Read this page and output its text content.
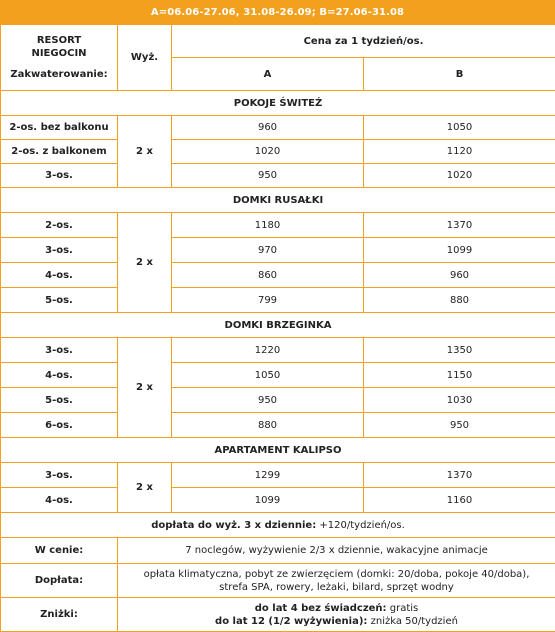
A=06.06-27.06, 31.08-26.09; B=27.06-31.08
RESORT
NIEGOCIN
Zakwaterowanie:	Wyż.	Cena za 1 tydzień/os.	
		A	B
POKOJE ŚWITEŹ			
2-os. bez balkonu	2 x	960	1050
2-os. z balkonem		1020	1120
3-os.		950	1020
DOMKI RUSAŁKI			
2-os.	2 x	1180	1370
3-os.		970	1099
4-os.		860	960
5-os.		799	880
DOMKI BRZEGINKA			
3-os.	2 x	1220	1350
4-os.		1050	1150
5-os.		950	1030
6-os.		880	950
APARTAMENT KALIPSO			
3-os.	2 x	1299	1370
4-os.		1099	1160
dopłata do wyż. 3 x dziennie: +120/tydzień/os.			
W cenie:	7 noclegów, wyżywienie 2/3 x dziennie, wakacyjne animacje		
Dopłata:	opłata klimatyczna, pobyt ze zwierzęciem (domki: 20/doba, pokoje 40/doba),
strefa SPA, rowery, leżaki, bilard, sprzęt wodny		

Zniżki:	do lat 4 bez świadczeń: gratis
do lat 12 (1/2 wyżywienia): zniżka 50/tydzień		
